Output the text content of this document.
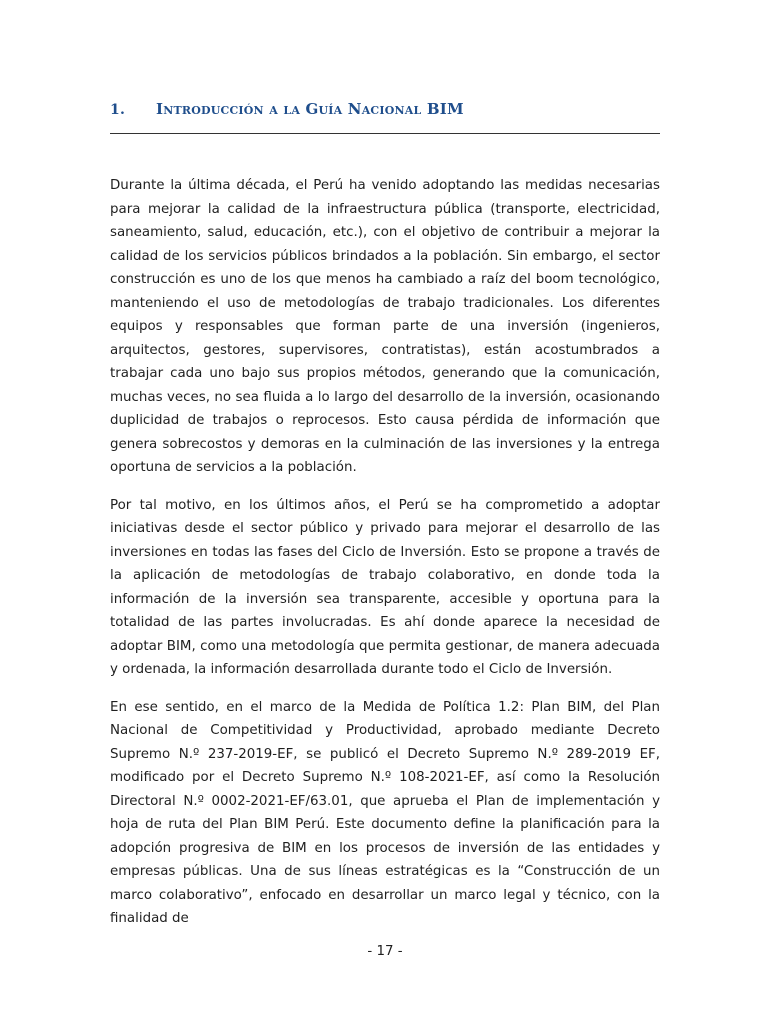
1. Introducción a la Guía Nacional BIM

Durante la última década, el Perú ha venido adoptando las medidas necesarias para mejorar la calidad de la infraestructura pública (transporte, electricidad, saneamiento, salud, educación, etc.), con el objetivo de contribuir a mejorar la calidad de los servicios públicos brindados a la población. Sin embargo, el sector construcción es uno de los que menos ha cambiado a raíz del boom tecnológico, manteniendo el uso de metodologías de trabajo tradicionales. Los diferentes equipos y responsables que forman parte de una inversión (ingenieros, arquitectos, gestores, supervisores, contratistas), están acostumbrados a trabajar cada uno bajo sus propios métodos, generando que la comunicación, muchas veces, no sea fluida a lo largo del desarrollo de la inversión, ocasionando duplicidad de trabajos o reprocesos. Esto causa pérdida de información que genera sobrecostos y demoras en la culminación de las inversiones y la entrega oportuna de servicios a la población.

Por tal motivo, en los últimos años, el Perú se ha comprometido a adoptar iniciativas desde el sector público y privado para mejorar el desarrollo de las inversiones en todas las fases del Ciclo de Inversión. Esto se propone a través de la aplicación de metodologías de trabajo colaborativo, en donde toda la información de la inversión sea transparente, accesible y oportuna para la totalidad de las partes involucradas. Es ahí donde aparece la necesidad de adoptar BIM, como una metodología que permita gestionar, de manera adecuada y ordenada, la información desarrollada durante todo el Ciclo de Inversión.

En ese sentido, en el marco de la Medida de Política 1.2: Plan BIM, del Plan Nacional de Competitividad y Productividad, aprobado mediante Decreto Supremo N.º 237-2019-EF, se publicó el Decreto Supremo N.º 289-2019 EF, modificado por el Decreto Supremo N.º 108-2021-EF, así como la Resolución Directoral N.º 0002-2021-EF/63.01, que aprueba el Plan de implementación y hoja de ruta del Plan BIM Perú. Este documento define la planificación para la adopción progresiva de BIM en los procesos de inversión de las entidades y empresas públicas. Una de sus líneas estratégicas es la “Construcción de un marco colaborativo”, enfocado en desarrollar un marco legal y técnico, con la finalidad de

- 17 -
